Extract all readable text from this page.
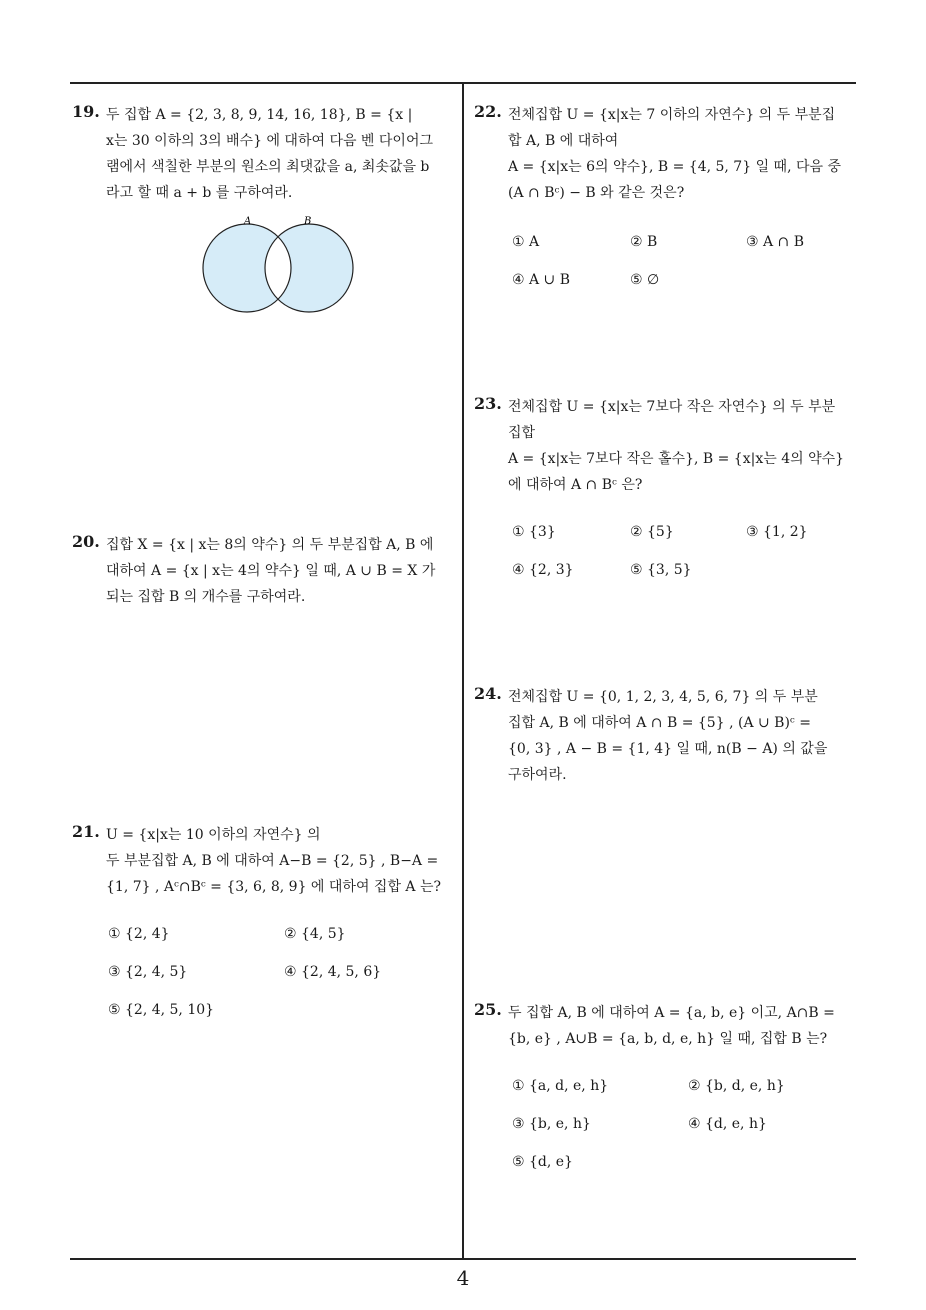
19. 두 집합 A = {2, 3, 8, 9, 14, 16, 18}, B = {x |
x는 30 이하의 3의 배수} 에 대하여 다음 벤 다이어그
램에서 색칠한 부분의 원소의 최댓값을 a, 최솟값을 b
라고 할 때 a + b 를 구하여라.
A	B
20. 집합 X = {x | x는 8의 약수} 의 두 부분집합 A, B 에
대하여 A = {x | x는 4의 약수} 일 때, A ∪ B = X 가
되는 집합 B 의 개수를 구하여라.
21. U = {x|x는 10 이하의 자연수} 의
두 부분집합 A, B 에 대하여 A−B = {2, 5} , B−A =
{1, 7} , Aᶜ∩Bᶜ = {3, 6, 8, 9} 에 대하여 집합 A 는?
① {2, 4}	② {4, 5}
③ {2, 4, 5}	④ {2, 4, 5, 6}
⑤ {2, 4, 5, 10}
22. 전체집합 U = {x|x는 7 이하의 자연수} 의 두 부분집
합 A, B 에 대하여
A = {x|x는 6의 약수}, B = {4, 5, 7} 일 때, 다음 중
(A ∩ Bᶜ) − B 와 같은 것은?
① A	② B	③ A ∩ B
④ A ∪ B	⑤ ∅
23. 전체집합 U = {x|x는 7보다 작은 자연수} 의 두 부분
집합
A = {x|x는 7보다 작은 홀수}, B = {x|x는 4의 약수}
에 대하여 A ∩ Bᶜ 은?
① {3}	② {5}	③ {1, 2}
④ {2, 3}	⑤ {3, 5}
24. 전체집합 U = {0, 1, 2, 3, 4, 5, 6, 7} 의 두 부분
집합 A, B 에 대하여 A ∩ B = {5} , (A ∪ B)ᶜ =
{0, 3} , A − B = {1, 4} 일 때, n(B − A) 의 값을
구하여라.
25. 두 집합 A, B 에 대하여 A = {a, b, e} 이고, A∩B =
{b, e} , A∪B = {a, b, d, e, h} 일 때, 집합 B 는?
① {a, d, e, h}	② {b, d, e, h}
③ {b, e, h}	④ {d, e, h}
⑤ {d, e}
4
